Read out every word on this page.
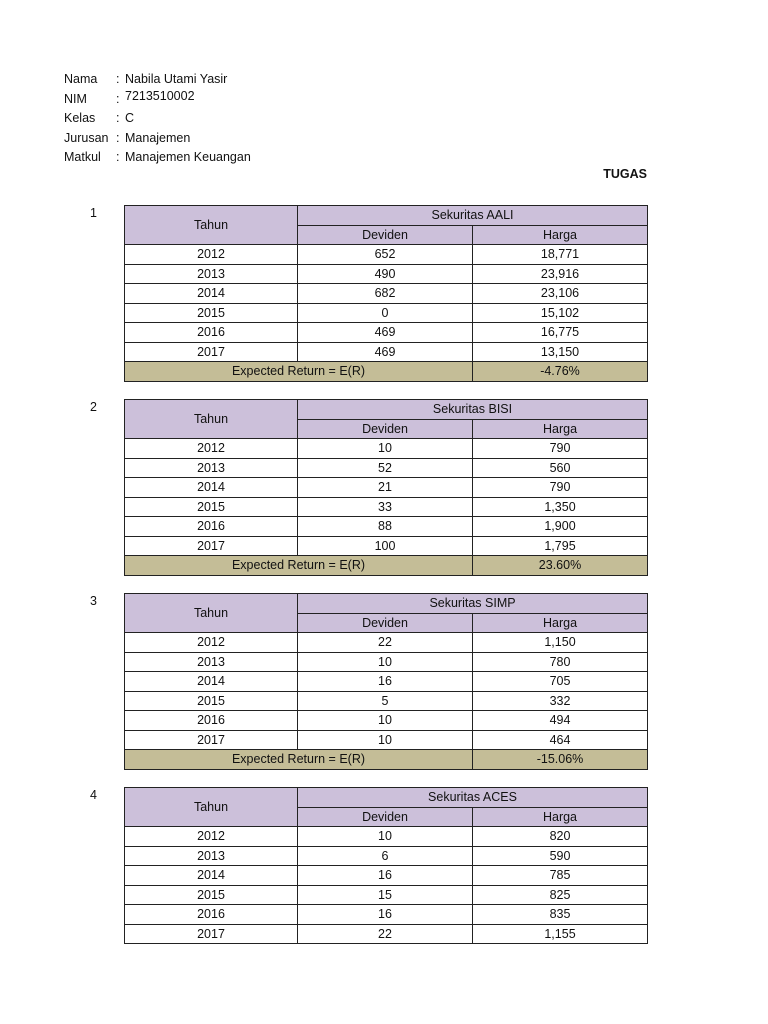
Nama : Nabila Utami Yasir
NIM : 7213510002
Kelas : C
Jurusan : Manajemen
Matkul : Manajemen Keuangan
TUGAS
1
Tahun	Sekuritas AALI	
	Deviden	Harga
2012	652	18,771
2013	490	23,916
2014	682	23,106
2015	0	15,102
2016	469	16,775
2017	469	13,150
Expected Return = E(R)		-4.76%
2
Tahun	Sekuritas BISI	
	Deviden	Harga
2012	10	790
2013	52	560
2014	21	790
2015	33	1,350
2016	88	1,900
2017	100	1,795
Expected Return = E(R)		23.60%
3
Tahun	Sekuritas SIMP	
	Deviden	Harga
2012	22	1,150
2013	10	780
2014	16	705
2015	5	332
2016	10	494
2017	10	464
Expected Return = E(R)		-15.06%
4
Tahun	Sekuritas ACES	
	Deviden	Harga
2012	10	820
2013	6	590
2014	16	785
2015	15	825
2016	16	835
2017	22	1,155
